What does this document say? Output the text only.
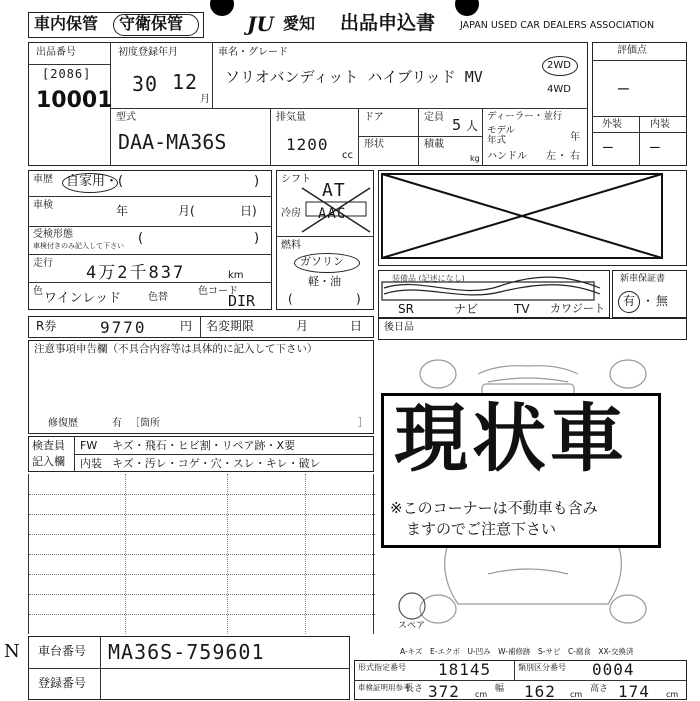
車内保管 守衛保管	JU 愛知 出品申込書	JAPAN USED CAR DEALERS ASSOCIATION
出品番号
[2086]
10001
初度登録年月
30 12
月
車名・グレード
ソリオバンディット ハイブリッド MV
2WD
4WD
型式
DAA-MA36S
排気量
1200
cc
ドア
形状
定員 5 人
積載
kg
ディーラー・並行
モデル
年式	年
ハンドル 左 ・ 右
評価点
—
外装	内装
— —
車歴 自家用・(	)
車検	年	月(	日)
受検形態
車検付きのみ記入して下さい (	)
走行 4万2千837	km
色 ワインレッド	色替
色コード
DIR
シフト
AT
冷房 AAC
燃料
ガソリン
軽・油
(	)
装備品 (記述になし)
SR	ナビ	TV カワジート
新車保証書
有 ・ 無
R券	9770	円 名変期限	月	日 後日品
注意事項申告欄（不具合内容等は具体的に記入して下さい）
修復歴	有 ［箇所	］
検査員
記入欄
FW キズ・飛石・ヒビ割・リペア跡・X要
内装 キズ・汚レ・コゲ・穴・スレ・キレ・破レ
スペア
現状車
※このコーナーは不動車も含み
ますのでご注意下さい
A-キズ　E-エクボ　U-凹み　W-補修跡　S-サビ　C-腐食　XX-交換済
N 車台番号 MA36S-759601
登録番号
形式指定番号 18145	類別区分番号 0004
車検証明用参考
長さ 372 cm
幅 162 cm
高さ 174 cm
